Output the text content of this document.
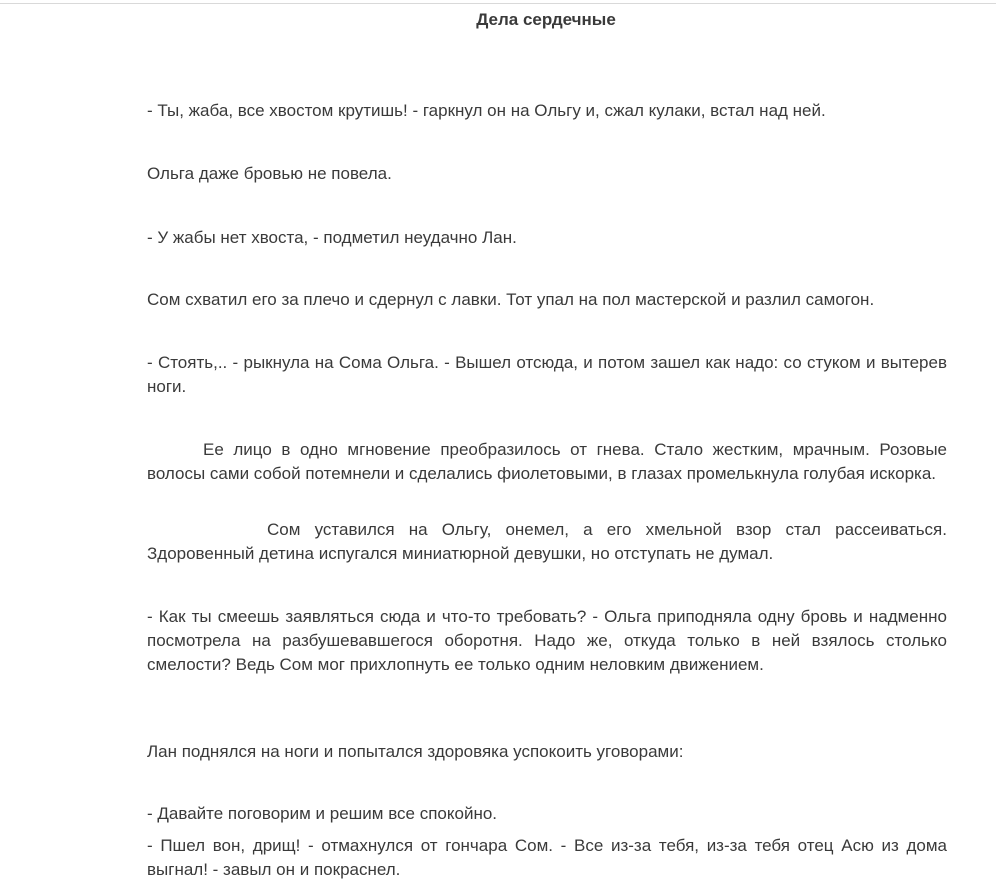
Дела сердечные
- Ты, жаба, все хвостом крутишь! - гаркнул он на Ольгу и, сжал кулаки, встал над ней.
Ольга даже бровью не повела.
- У жабы нет хвоста, - подметил неудачно Лан.
Сом схватил его за плечо и сдернул с лавки. Тот упал на пол мастерской и разлил самогон.
- Стоять,.. - рыкнула на Сома Ольга. - Вышел отсюда, и потом зашел как надо: со стуком и вытерев ноги.
Ее лицо в одно мгновение преобразилось от гнева. Стало жестким, мрачным. Розовые волосы сами собой потемнели и сделались фиолетовыми, в глазах промелькнула голубая искорка.
Сом уставился на Ольгу, онемел, а его хмельной взор стал рассеиваться. Здоровенный детина испугался миниатюрной девушки, но отступать не думал.
- Как ты смеешь заявляться сюда и что-то требовать? - Ольга приподняла одну бровь и надменно посмотрела на разбушевавшегося оборотня. Надо же, откуда только в ней взялось столько смелости? Ведь Сом мог прихлопнуть ее только одним неловким движением.
Лан поднялся на ноги и попытался здоровяка успокоить уговорами:
- Давайте поговорим и решим все спокойно.
- Пшел вон, дрищ! - отмахнулся от гончара Сом. - Все из-за тебя, из-за тебя отец Асю из дома выгнал! - завыл он и покраснел.
